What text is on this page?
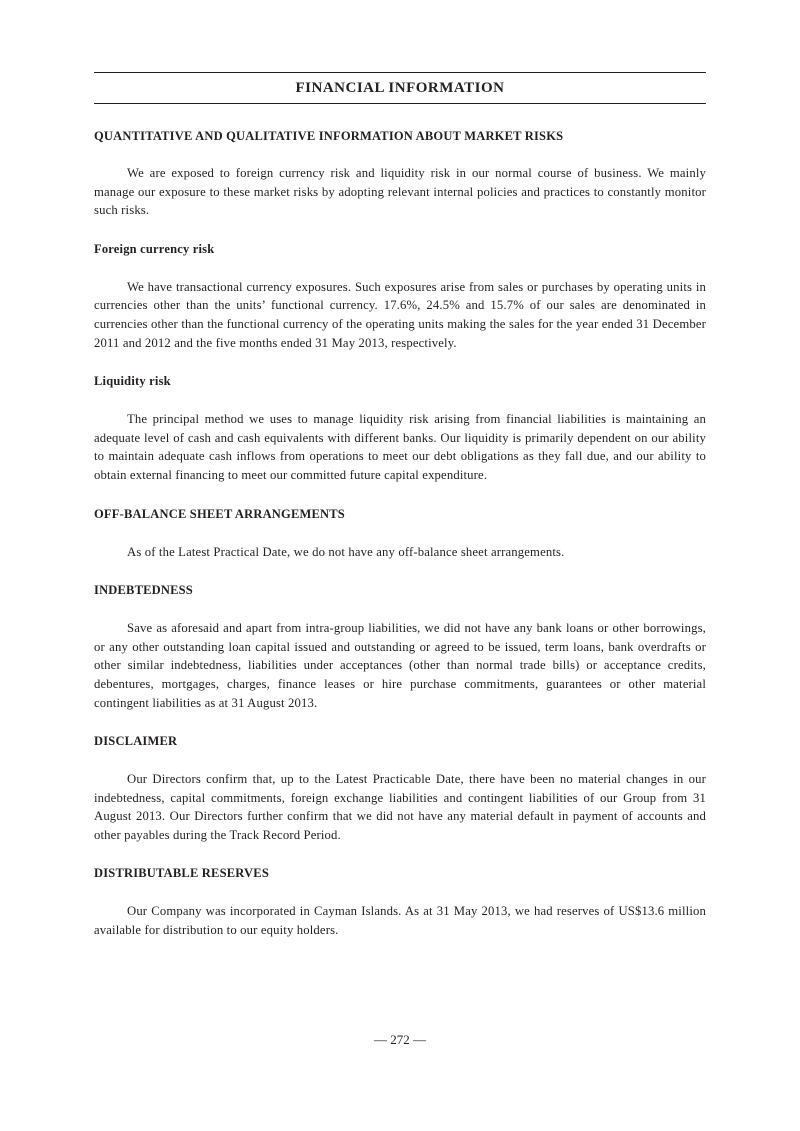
FINANCIAL INFORMATION
QUANTITATIVE AND QUALITATIVE INFORMATION ABOUT MARKET RISKS

We are exposed to foreign currency risk and liquidity risk in our normal course of business. We mainly manage our exposure to these market risks by adopting relevant internal policies and practices to constantly monitor such risks.

Foreign currency risk

We have transactional currency exposures. Such exposures arise from sales or purchases by operating units in currencies other than the units’ functional currency. 17.6%, 24.5% and 15.7% of our sales are denominated in currencies other than the functional currency of the operating units making the sales for the year ended 31 December 2011 and 2012 and the five months ended 31 May 2013, respectively.

Liquidity risk

The principal method we uses to manage liquidity risk arising from financial liabilities is maintaining an adequate level of cash and cash equivalents with different banks. Our liquidity is primarily dependent on our ability to maintain adequate cash inflows from operations to meet our debt obligations as they fall due, and our ability to obtain external financing to meet our committed future capital expenditure.

OFF-BALANCE SHEET ARRANGEMENTS

As of the Latest Practical Date, we do not have any off-balance sheet arrangements.

INDEBTEDNESS

Save as aforesaid and apart from intra-group liabilities, we did not have any bank loans or other borrowings, or any other outstanding loan capital issued and outstanding or agreed to be issued, term loans, bank overdrafts or other similar indebtedness, liabilities under acceptances (other than normal trade bills) or acceptance credits, debentures, mortgages, charges, finance leases or hire purchase commitments, guarantees or other material contingent liabilities as at 31 August 2013.

DISCLAIMER

Our Directors confirm that, up to the Latest Practicable Date, there have been no material changes in our indebtedness, capital commitments, foreign exchange liabilities and contingent liabilities of our Group from 31 August 2013. Our Directors further confirm that we did not have any material default in payment of accounts and other payables during the Track Record Period.

DISTRIBUTABLE RESERVES

Our Company was incorporated in Cayman Islands. As at 31 May 2013, we had reserves of US$13.6 million available for distribution to our equity holders.

— 272 —
